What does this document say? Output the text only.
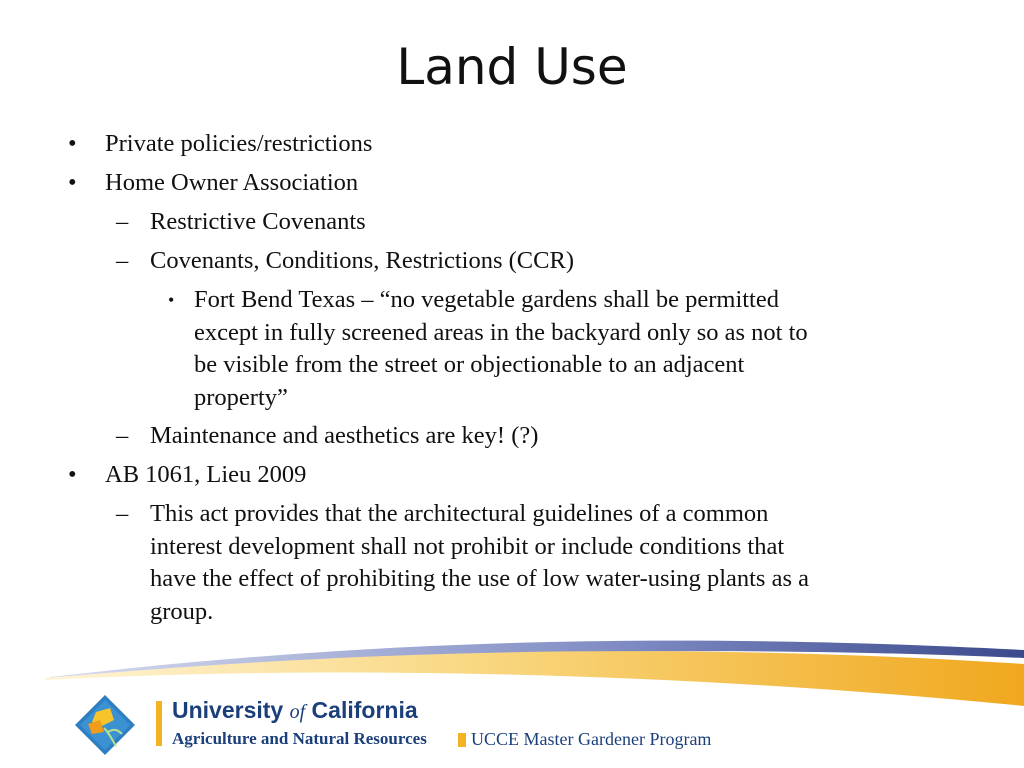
Land Use
• Private policies/restrictions
• Home Owner Association
– Restrictive Covenants
– Covenants, Conditions, Restrictions (CCR)
• Fort Bend Texas – “no vegetable gardens shall be permitted
except in fully screened areas in the backyard only so as not to
be visible from the street or objectionable to an adjacent
property”
– Maintenance and aesthetics are key! (?)
• AB 1061, Lieu 2009
– This act provides that the architectural guidelines of a common
interest development shall not prohibit or include conditions that
have the effect of prohibiting the use of low water-using plants as a
group.
University of California
Agriculture and Natural Resources UCCE Master Gardener Program
